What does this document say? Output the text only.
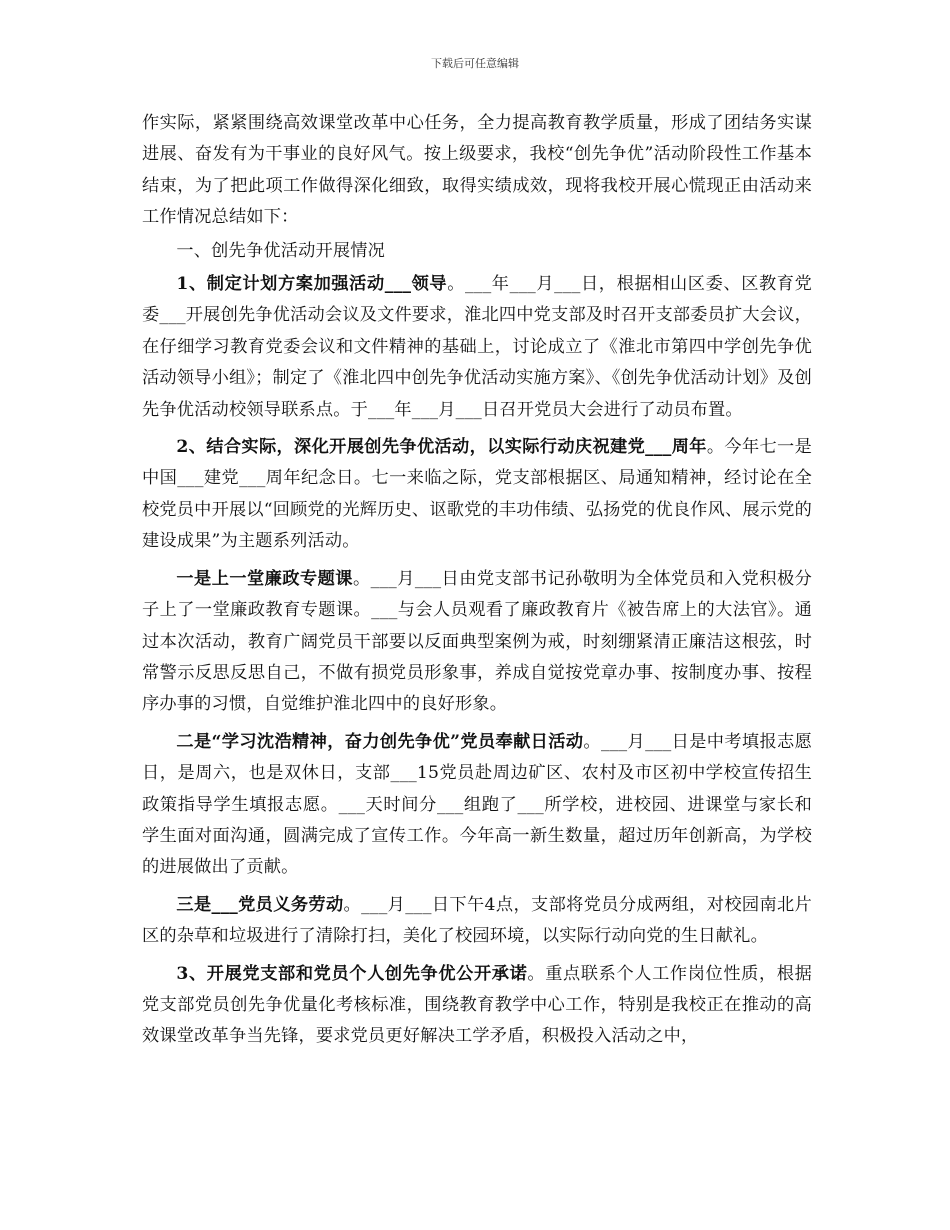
下载后可任意编辑

作实际，紧紧围绕高效课堂改革中心任务，全力提高教育教学质量，形成了团结务实谋进展、奋发有为干事业的良好风气。按上级要求，我校“创先争优”活动阶段性工作基本结束，为了把此项工作做得深化细致，取得实绩成效，现将我校开展心慌现正由活动来工作情况总结如下：

一、创先争优活动开展情况

1、制定计划方案加强活动___领导。___年___月___日，根据相山区委、区教育党委___开展创先争优活动会议及文件要求，淮北四中党支部及时召开支部委员扩大会议，在仔细学习教育党委会议和文件精神的基础上，讨论成立了《淮北市第四中学创先争优活动领导小组》；制定了《淮北四中创先争优活动实施方案》、《创先争优活动计划》及创先争优活动校领导联系点。于___年___月___日召开党员大会进行了动员布置。

2、结合实际，深化开展创先争优活动，以实际行动庆祝建党___周年。今年七一是中国___建党___周年纪念日。七一来临之际，党支部根据区、局通知精神，经讨论在全校党员中开展以“回顾党的光辉历史、讴歌党的丰功伟绩、弘扬党的优良作风、展示党的建设成果”为主题系列活动。

一是上一堂廉政专题课。___月___日由党支部书记孙敬明为全体党员和入党积极分子上了一堂廉政教育专题课。___与会人员观看了廉政教育片《被告席上的大法官》。通过本次活动，教育广阔党员干部要以反面典型案例为戒，时刻绷紧清正廉洁这根弦，时常警示反思反思自己，不做有损党员形象事，养成自觉按党章办事、按制度办事、按程序办事的习惯，自觉维护淮北四中的良好形象。

二是“学习沈浩精神，奋力创先争优”党员奉献日活动。___月___日是中考填报志愿日，是周六，也是双休日，支部___15党员赴周边矿区、农村及市区初中学校宣传招生政策指导学生填报志愿。___天时间分___组跑了___所学校，进校园、进课堂与家长和学生面对面沟通，圆满完成了宣传工作。今年高一新生数量，超过历年创新高，为学校的进展做出了贡献。

三是___党员义务劳动。___月___日下午4点，支部将党员分成两组，对校园南北片区的杂草和垃圾进行了清除打扫，美化了校园环境，以实际行动向党的生日献礼。

3、开展党支部和党员个人创先争优公开承诺。重点联系个人工作岗位性质，根据党支部党员创先争优量化考核标准，围绕教育教学中心工作，特别是我校正在推动的高效课堂改革争当先锋，要求党员更好解决工学矛盾，积极投入活动之中，
